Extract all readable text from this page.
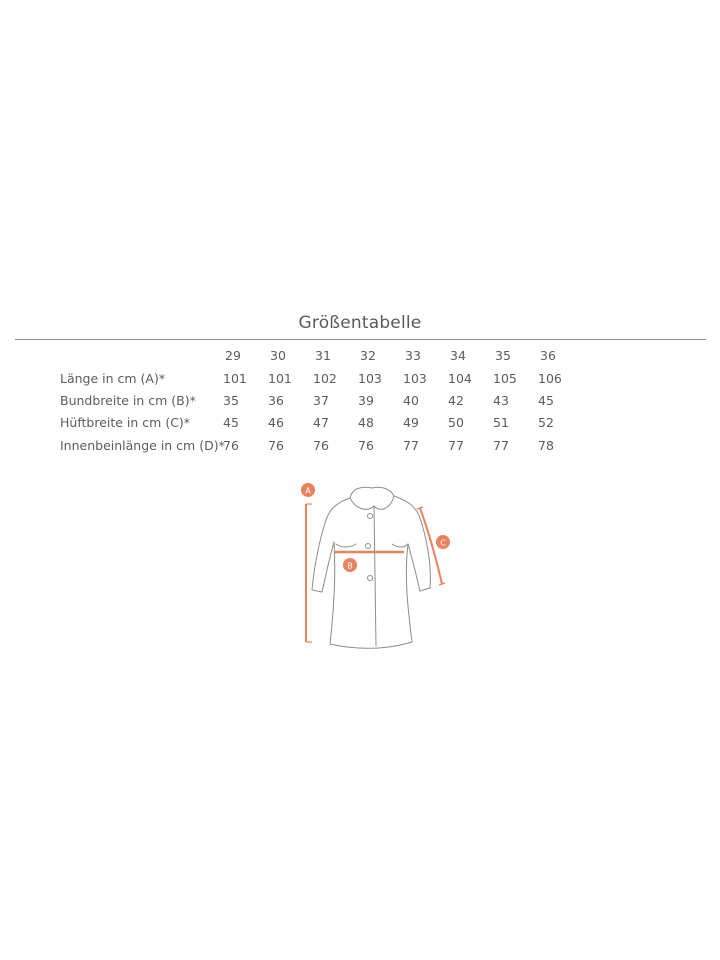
Größentabelle
29 30 31 32 33 34 35 36
Länge in cm (A)*	101 101 102 103 103 104 105 106
Bundbreite in cm (B)* 35 36 37 39 40 42 43 45
Hüftbreite in cm (C)*	45 46 47 48 49 50 51 52
Innenbeinlänge in cm (D)*
76 76 76 76 77 77 77 78
A
B
C
